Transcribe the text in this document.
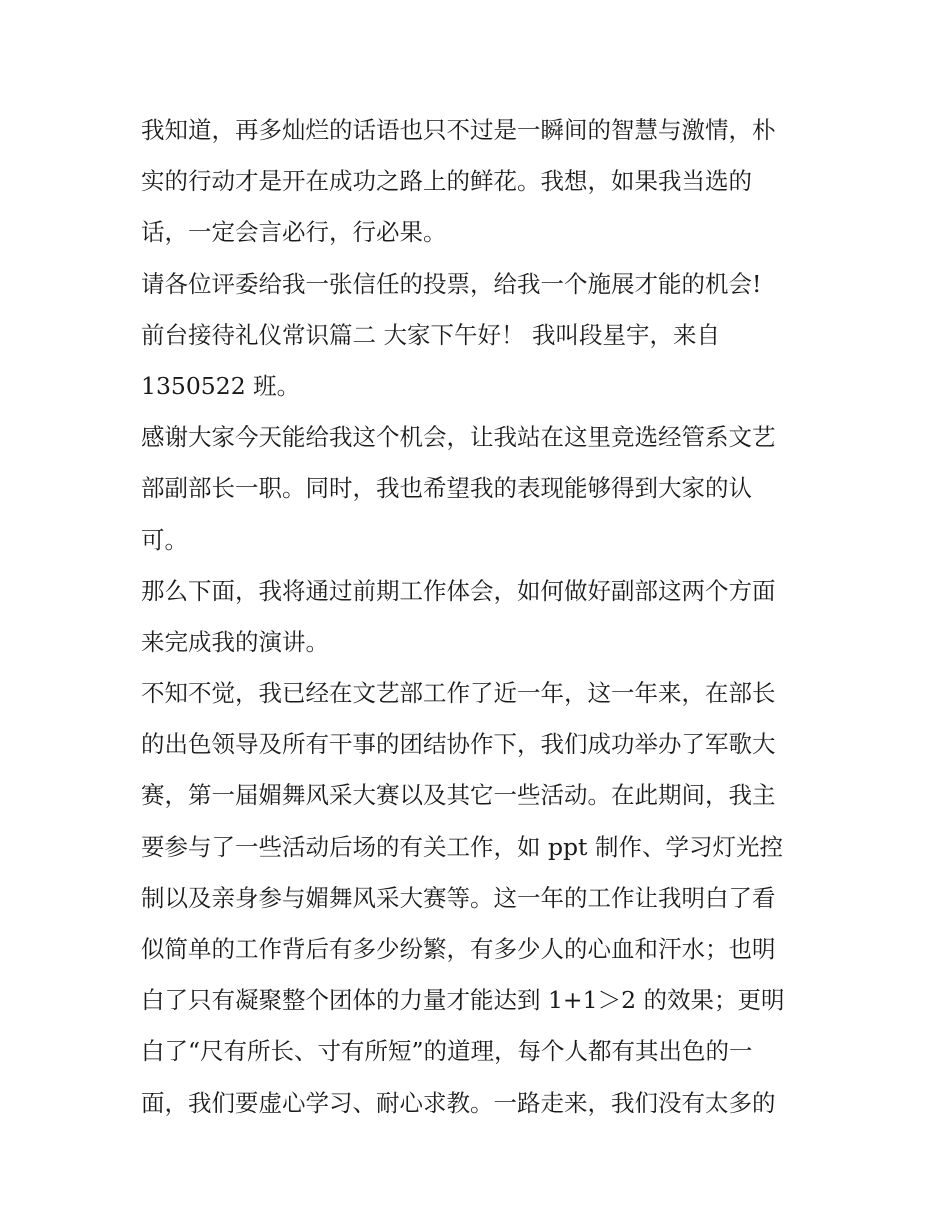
我知道，再多灿烂的话语也只不过是一瞬间的智慧与激情，朴
实的行动才是开在成功之路上的鲜花。我想，如果我当选的
话，一定会言必行，行必果。
请各位评委给我一张信任的投票，给我一个施展才能的机会!
前台接待礼仪常识篇二 大家下午好！ 我叫段星宇，来自
1350522 班。
感谢大家今天能给我这个机会，让我站在这里竞选经管系文艺
部副部长一职。同时，我也希望我的表现能够得到大家的认
可。
那么下面，我将通过前期工作体会，如何做好副部这两个方面
来完成我的演讲。
不知不觉，我已经在文艺部工作了近一年，这一年来，在部长
的出色领导及所有干事的团结协作下，我们成功举办了军歌大
赛，第一届媚舞风采大赛以及其它一些活动。在此期间，我主
要参与了一些活动后场的有关工作，如 ppt 制作、学习灯光控
制以及亲身参与媚舞风采大赛等。这一年的工作让我明白了看
似简单的工作背后有多少纷繁，有多少人的心血和汗水；也明
白了只有凝聚整个团体的力量才能达到 1+1＞2 的效果；更明
白了“尺有所长、寸有所短”的道理，每个人都有其出色的一
面，我们要虚心学习、耐心求教。一路走来，我们没有太多的
